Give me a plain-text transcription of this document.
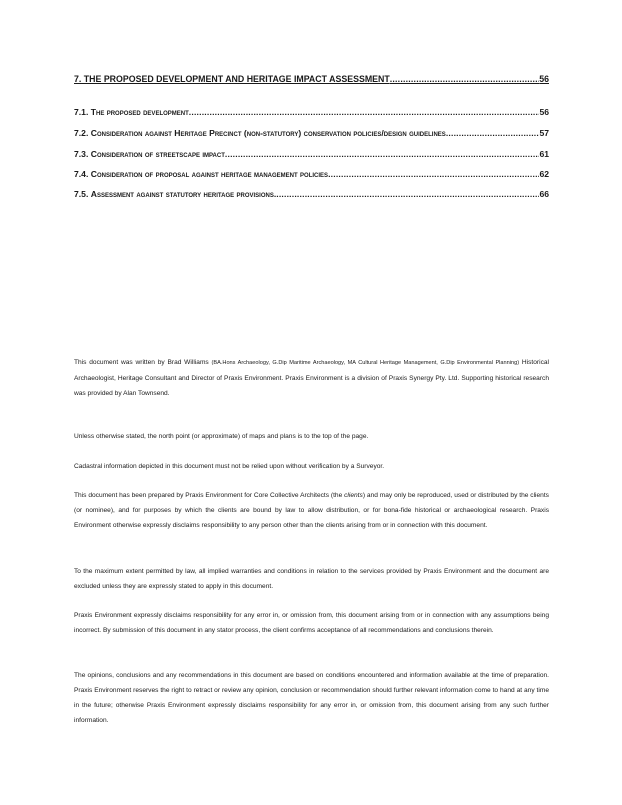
7. THE PROPOSED DEVELOPMENT AND HERITAGE IMPACT ASSESSMENT .....	56
7.1. The proposed development .....	56
7.2. Consideration against Heritage Precinct (non-statutory) conservation policies/design guidelines .....	57
7.3. Consideration of streetscape impact .....	61
7.4. Consideration of proposal against heritage management policies .....	62
7.5. Assessment against statutory heritage provisions. .....	66

This document was written by Brad Williams (BA.Hons Archaeology, G.Dip Maritime Archaeology, MA Cultural Heritage Management, G.Dip Environmental Planning) Historical Archaeologist, Heritage Consultant and Director of Praxis Environment. Praxis Environment is a division of Praxis Synergy Pty. Ltd. Supporting historical research was provided by Alan Townsend.

Unless otherwise stated, the north point (or approximate) of maps and plans is to the top of the page.

Cadastral information depicted in this document must not be relied upon without verification by a Surveyor.

This document has been prepared by Praxis Environment for Core Collective Architects (the clients) and may only be reproduced, used or distributed by the clients (or nominee), and for purposes by which the clients are bound by law to allow distribution, or for bona-fide historical or archaeological research. Praxis Environment otherwise expressly disclaims responsibility to any person other than the clients arising from or in connection with this document.

To the maximum extent permitted by law, all implied warranties and conditions in relation to the services provided by Praxis Environment and the document are excluded unless they are expressly stated to apply in this document.

Praxis Environment expressly disclaims responsibility for any error in, or omission from, this document arising from or in connection with any assumptions being incorrect. By submission of this document in any stator process, the client confirms acceptance of all recommendations and conclusions therein.

The opinions, conclusions and any recommendations in this document are based on conditions encountered and information available at the time of preparation. Praxis Environment reserves the right to retract or review any opinion, conclusion or recommendation should further relevant information come to hand at any time in the future; otherwise Praxis Environment expressly disclaims responsibility for any error in, or omission from, this document arising from any such further information.
